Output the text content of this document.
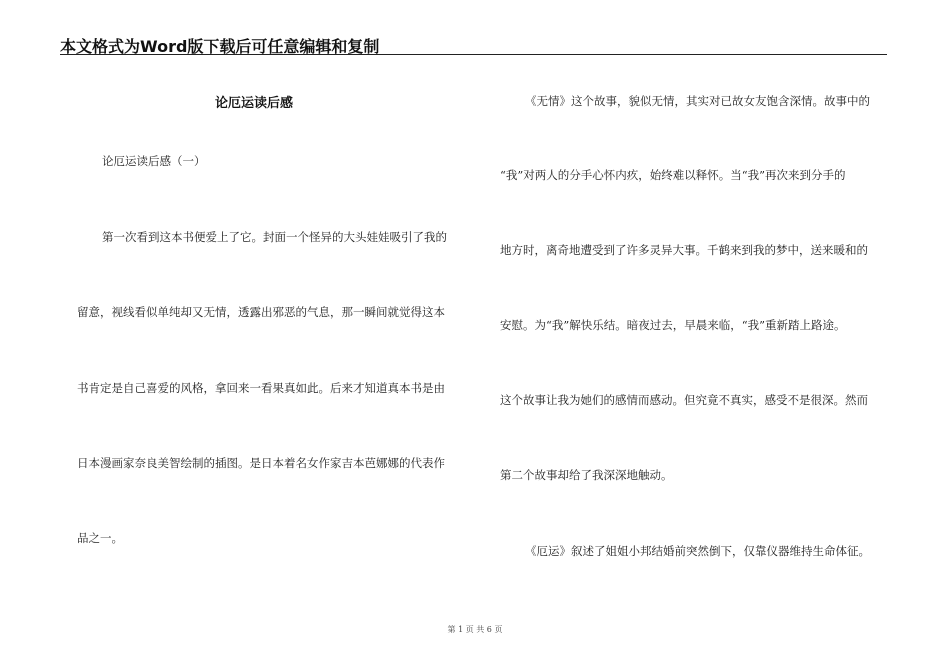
本文格式为Word版下载后可任意编辑和复制
论厄运读后感
论厄运读后感（一）
第一次看到这本书便爱上了它。封面一个怪异的大头娃娃吸引了我的
留意，视线看似单纯却又无情，透露出邪恶的气息，那一瞬间就觉得这本
书肯定是自己喜爱的风格，拿回来一看果真如此。后来才知道真本书是由
日本漫画家奈良美智绘制的插图。是日本着名女作家吉本芭娜娜的代表作
品之一。
《无情》这个故事，貌似无情，其实对已故女友饱含深情。故事中的
“我”对两人的分手心怀内疚，始终难以释怀。当“我”再次来到分手的
地方时，离奇地遭受到了许多灵异大事。千鹤来到我的梦中，送来暖和的
安慰。为“我”解快乐结。暗夜过去，早晨来临，“我”重新踏上路途。
这个故事让我为她们的感情而感动。但究竟不真实，感受不是很深。然而
第二个故事却给了我深深地触动。
《厄运》叙述了姐姐小邦结婚前突然倒下，仅靠仪器维持生命体征。
第 1 页 共 6 页
